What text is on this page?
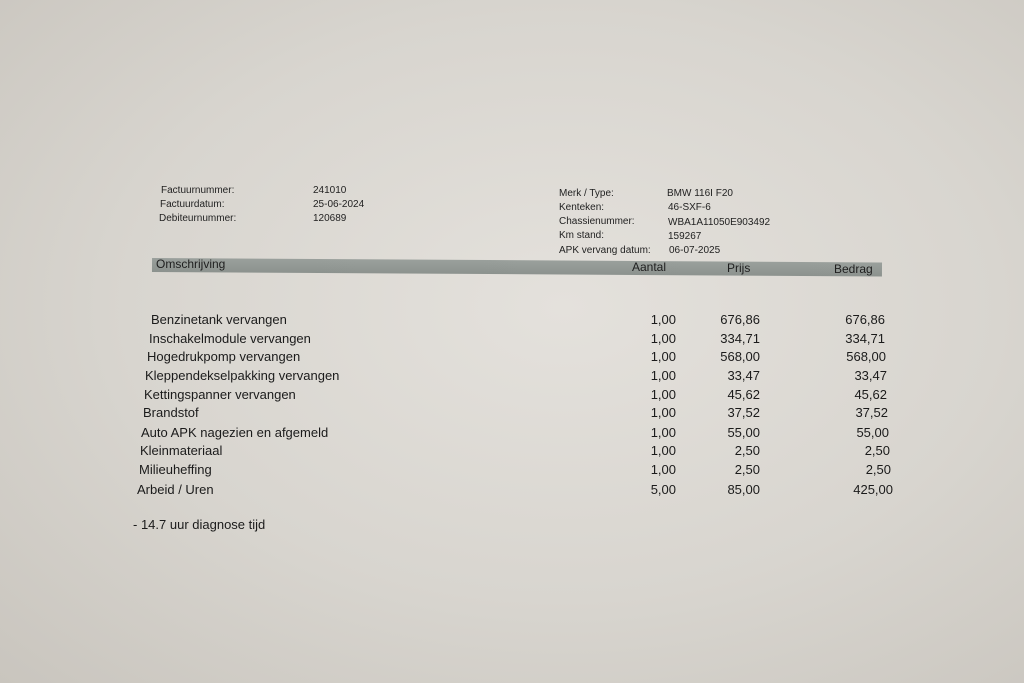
Factuurnummer:	241010
Factuurdatum:	25-06-2024
Debiteurnummer:	120689
Merk / Type:	BMW 116I F20
Kenteken:	46-SXF-6
Chassienummer:	WBA1A11050E903492
Km stand:	159267
APK vervang datum: 06-07-2025
Omschrijving	Aantal	Prijs	Bedrag
Benzinetank vervangen	1,00	676,86	676,86
Inschakelmodule vervangen	1,00	334,71	334,71
Hogedrukpomp vervangen	1,00	568,00	568,00
Kleppendekselpakking vervangen	1,00	33,47	33,47
Kettingspanner vervangen	1,00	45,62	45,62
Brandstof	1,00	37,52	37,52
Auto APK nagezien en afgemeld	1,00	55,00	55,00
Kleinmateriaal	1,00	2,50	2,50
Milieuheffing	1,00	2,50	2,50
Arbeid / Uren	5,00	85,00	425,00
- 14.7 uur diagnose tijd
